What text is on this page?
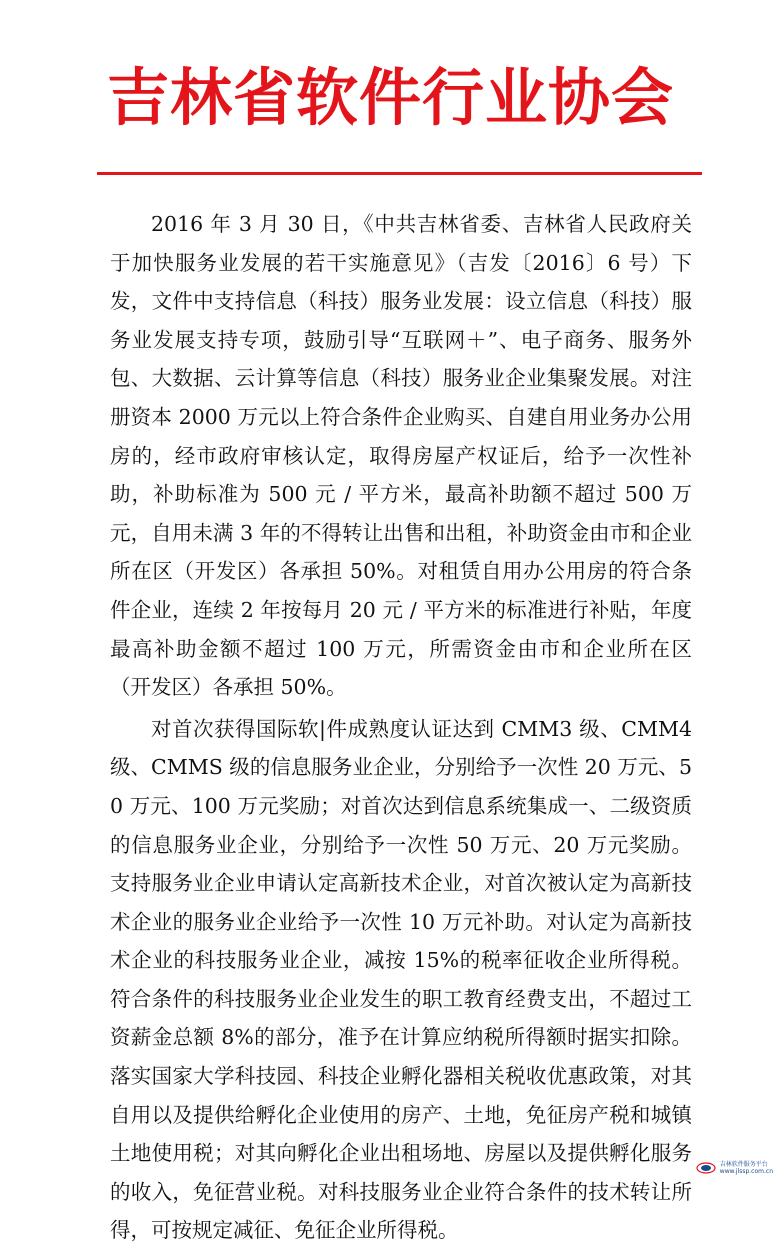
吉林省软件行业协会

2016 年 3 月 30 日，《中共吉林省委、吉林省人民政府关于加快服务业发展的若干实施意见》（吉发〔2016〕6 号）下发，文件中支持信息（科技）服务业发展：设立信息（科技）服务业发展支持专项，鼓励引导“互联网＋”、电子商务、服务外包、大数据、云计算等信息（科技）服务业企业集聚发展。对注册资本 2000 万元以上符合条件企业购买、自建自用业务办公用房的，经市政府审核认定，取得房屋产权证后，给予一次性补助，补助标准为 500 元 / 平方米，最高补助额不超过 500 万元，自用未满 3 年的不得转让出售和出租，补助资金由市和企业所在区（开发区）各承担 50%。对租赁自用办公用房的符合条件企业，连续 2 年按每月 20 元 / 平方米的标准进行补贴，年度最高补助金额不超过 100 万元，所需资金由市和企业所在区（开发区）各承担 50%。

对首次获得国际软|件成熟度认证达到 CMM3 级、CMM4 级、CMMS 级的信息服务业企业，分别给予一次性 20 万元、50 万元、100 万元奖励；对首次达到信息系统集成一、二级资质的信息服务业企业，分别给予一次性 50 万元、20 万元奖励。支持服务业企业申请认定高新技术企业，对首次被认定为高新技术企业的服务业企业给予一次性 10 万元补助。对认定为高新技术企业的科技服务业企业，减按 15%的税率征收企业所得税。符合条件的科技服务业企业发生的职工教育经费支出，不超过工资薪金总额 8%的部分，准予在计算应纳税所得额时据实扣除。落实国家大学科技园、科技企业孵化器相关税收优惠政策，对其自用以及提供给孵化企业使用的房产、土地，免征房产税和城镇土地使用税；对其向孵化企业出租场地、房屋以及提供孵化服务的收入，免征营业税。对科技服务业企业符合条件的技术转让所得，可按规定减征、免征企业所得税。

吉林软件服务平台
www.jlssp.com.cn
